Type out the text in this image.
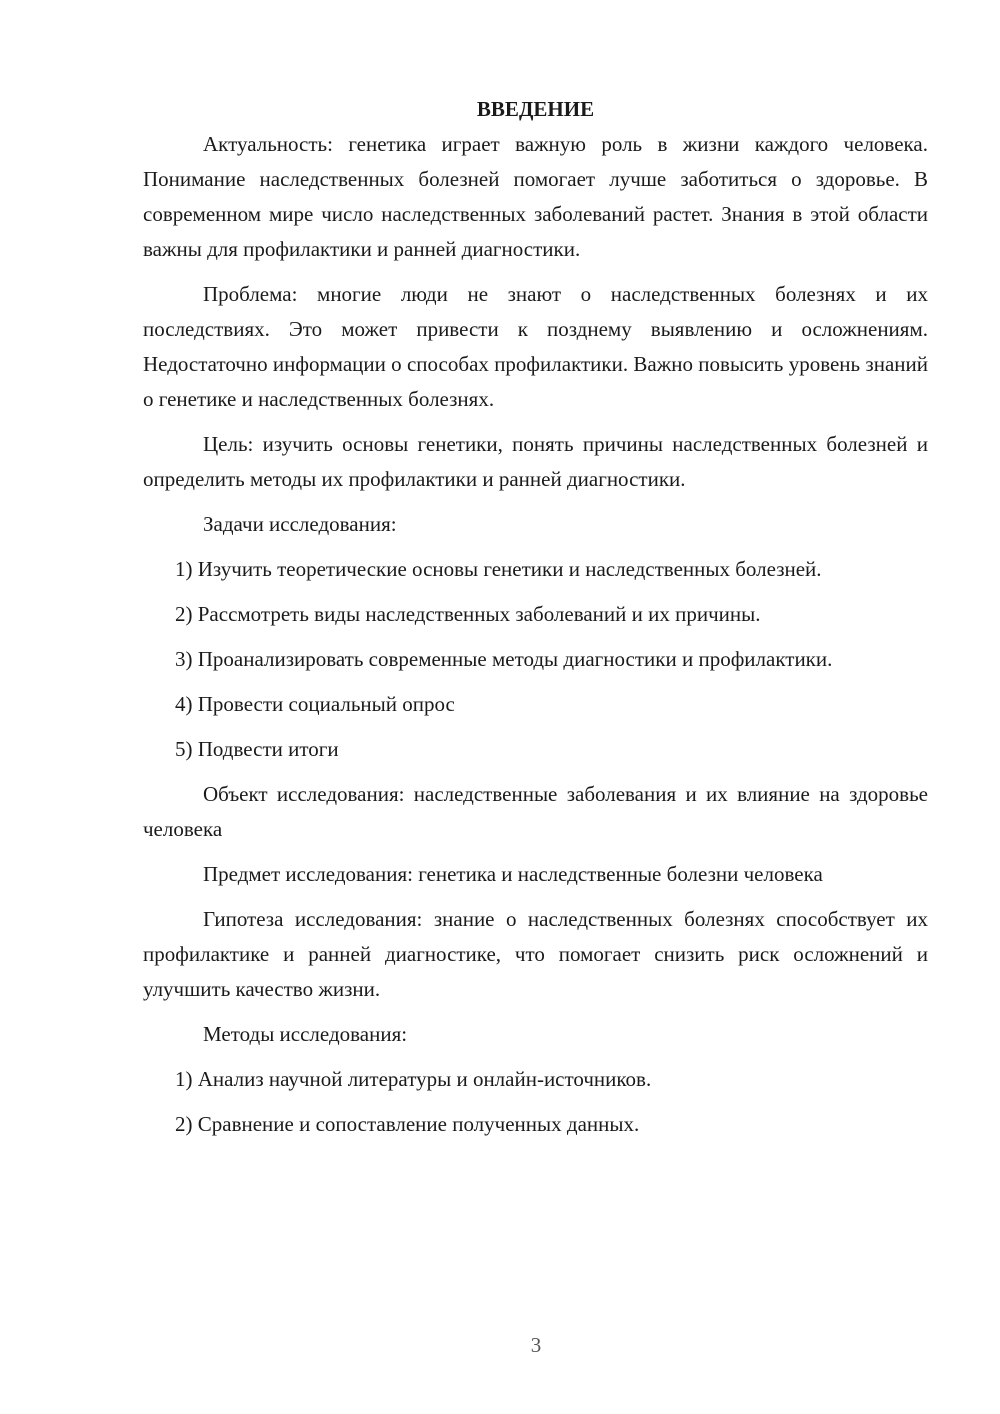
ВВЕДЕНИЕ

Актуальность: генетика играет важную роль в жизни каждого человека. Понимание наследственных болезней помогает лучше заботиться о здоровье. В современном мире число наследственных заболеваний растет. Знания в этой области важны для профилактики и ранней диагностики.

Проблема: многие люди не знают о наследственных болезнях и их последствиях. Это может привести к позднему выявлению и осложнениям. Недостаточно информации о способах профилактики. Важно повысить уровень знаний о генетике и наследственных болезнях.

Цель: изучить основы генетики, понять причины наследственных болезней и определить методы их профилактики и ранней диагностики.

Задачи исследования:

1) Изучить теоретические основы генетики и наследственных болезней.

2) Рассмотреть виды наследственных заболеваний и их причины.

3) Проанализировать современные методы диагностики и профилактики.

4) Провести социальный опрос

5) Подвести итоги

Объект исследования: наследственные заболевания и их влияние на здоровье человека

Предмет исследования: генетика и наследственные болезни человека

Гипотеза исследования: знание о наследственных болезнях способствует их профилактике и ранней диагностике, что помогает снизить риск осложнений и улучшить качество жизни.

Методы исследования:

1) Анализ научной литературы и онлайн-источников.

2) Сравнение и сопоставление полученных данных.

3
